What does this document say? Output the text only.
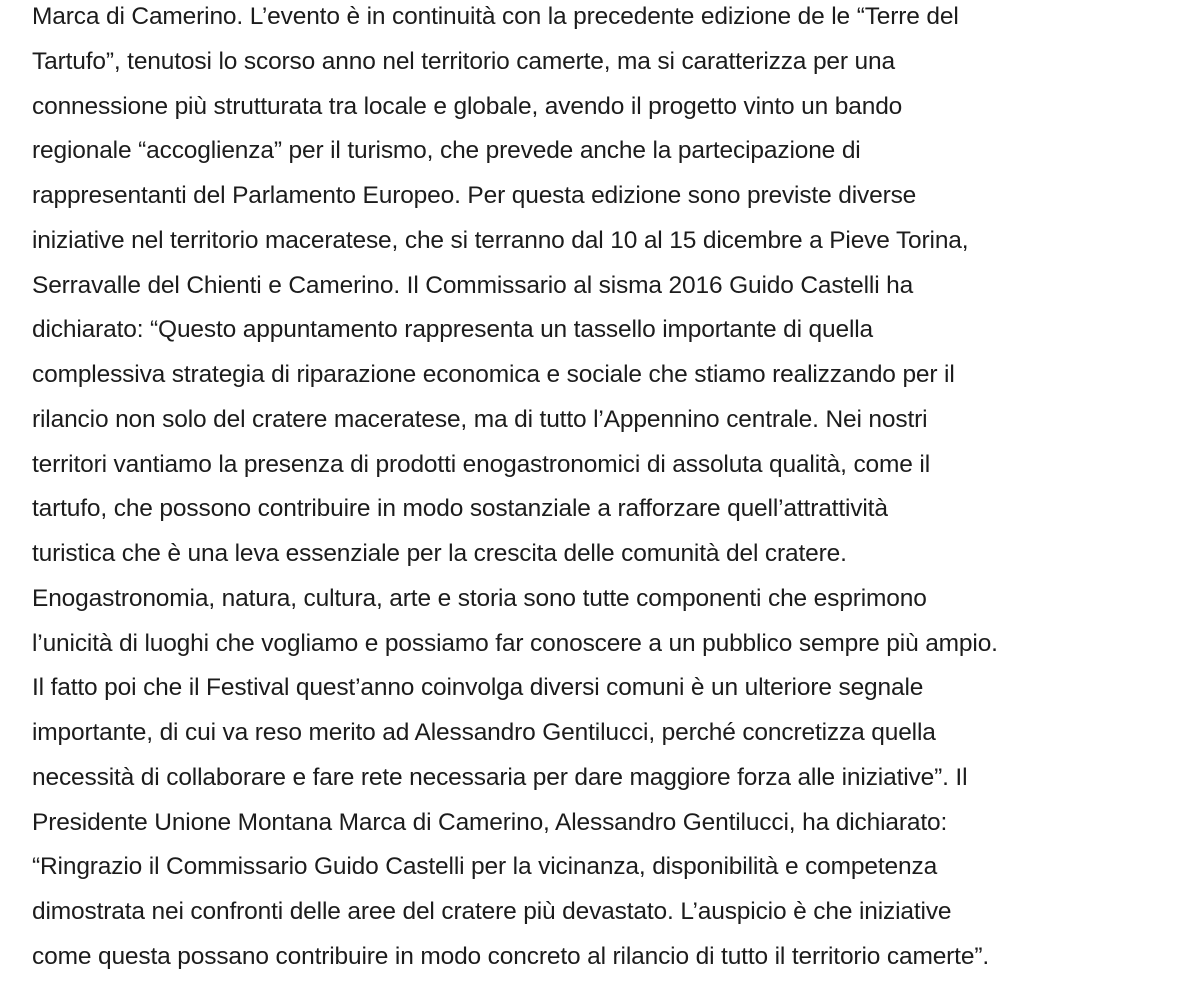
Marca di Camerino. L’evento è in continuità con la precedente edizione de le “Terre del
Tartufo”, tenutosi lo scorso anno nel territorio camerte, ma si caratterizza per una
connessione più strutturata tra locale e globale, avendo il progetto vinto un bando
regionale “accoglienza” per il turismo, che prevede anche la partecipazione di
rappresentanti del Parlamento Europeo. Per questa edizione sono previste diverse
iniziative nel territorio maceratese, che si terranno dal 10 al 15 dicembre a Pieve Torina,
Serravalle del Chienti e Camerino. Il Commissario al sisma 2016 Guido Castelli ha
dichiarato: “Questo appuntamento rappresenta un tassello importante di quella
complessiva strategia di riparazione economica e sociale che stiamo realizzando per il
rilancio non solo del cratere maceratese, ma di tutto l’Appennino centrale. Nei nostri
territori vantiamo la presenza di prodotti enogastronomici di assoluta qualità, come il
tartufo, che possono contribuire in modo sostanziale a rafforzare quell’attrattività
turistica che è una leva essenziale per la crescita delle comunità del cratere.
Enogastronomia, natura, cultura, arte e storia sono tutte componenti che esprimono
l’unicità di luoghi che vogliamo e possiamo far conoscere a un pubblico sempre più ampio.
Il fatto poi che il Festival quest’anno coinvolga diversi comuni è un ulteriore segnale
importante, di cui va reso merito ad Alessandro Gentilucci, perché concretizza quella
necessità di collaborare e fare rete necessaria per dare maggiore forza alle iniziative”. Il
Presidente Unione Montana Marca di Camerino, Alessandro Gentilucci, ha dichiarato:
“Ringrazio il Commissario Guido Castelli per la vicinanza, disponibilità e competenza
dimostrata nei confronti delle aree del cratere più devastato. L’auspicio è che iniziative
come questa possano contribuire in modo concreto al rilancio di tutto il territorio camerte”.
